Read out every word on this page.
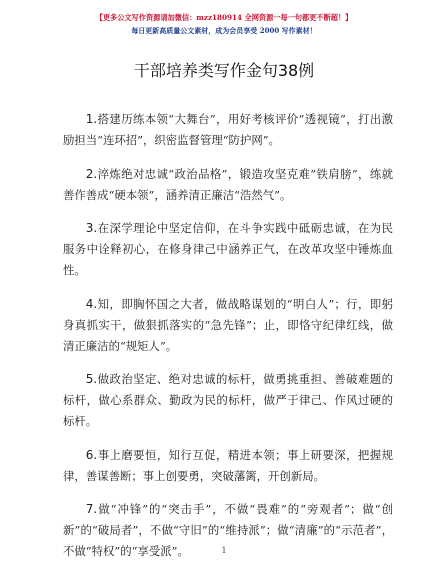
【更多公文写作资源请加微信：mzz180914 全网资源一每一句都更不断超！】
每日更新高质量公文素材，成为会员享受 2000 写作素材！
干部培养类写作金句38例

1.搭建历练本领“大舞台”，用好考核评价“透视镜”，打出激励担当“连环招”，织密监督管理“防护网”。

2.淬炼绝对忠诚“政治品格”，锻造攻坚克难“铁肩膀”，练就善作善成“硬本领”，涵养清正廉洁“浩然气”。

3.在深学理论中坚定信仰，在斗争实践中砥砺忠诚，在为民服务中诠释初心，在修身律己中涵养正气，在改革攻坚中锤炼血性。

4.知，即胸怀国之大者，做战略谋划的“明白人”；行，即躬身真抓实干，做狠抓落实的“急先锋”；止，即恪守纪律红线，做清正廉洁的“规矩人”。

5.做政治坚定、绝对忠诚的标杆，做勇挑重担、善破难题的标杆，做心系群众、勤政为民的标杆，做严于律己、作风过硬的标杆。

6.事上磨要恒，知行互促，精进本领；事上研要深，把握规律，善谋善断；事上创要勇，突破藩篱，开创新局。

7.做“冲锋”的“突击手”，不做“畏难”的“旁观者”；做“创新”的“破局者”，不做“守旧”的“维持派”；做“清廉”的“示范者”，不做“特权”的“享受派”。	1
